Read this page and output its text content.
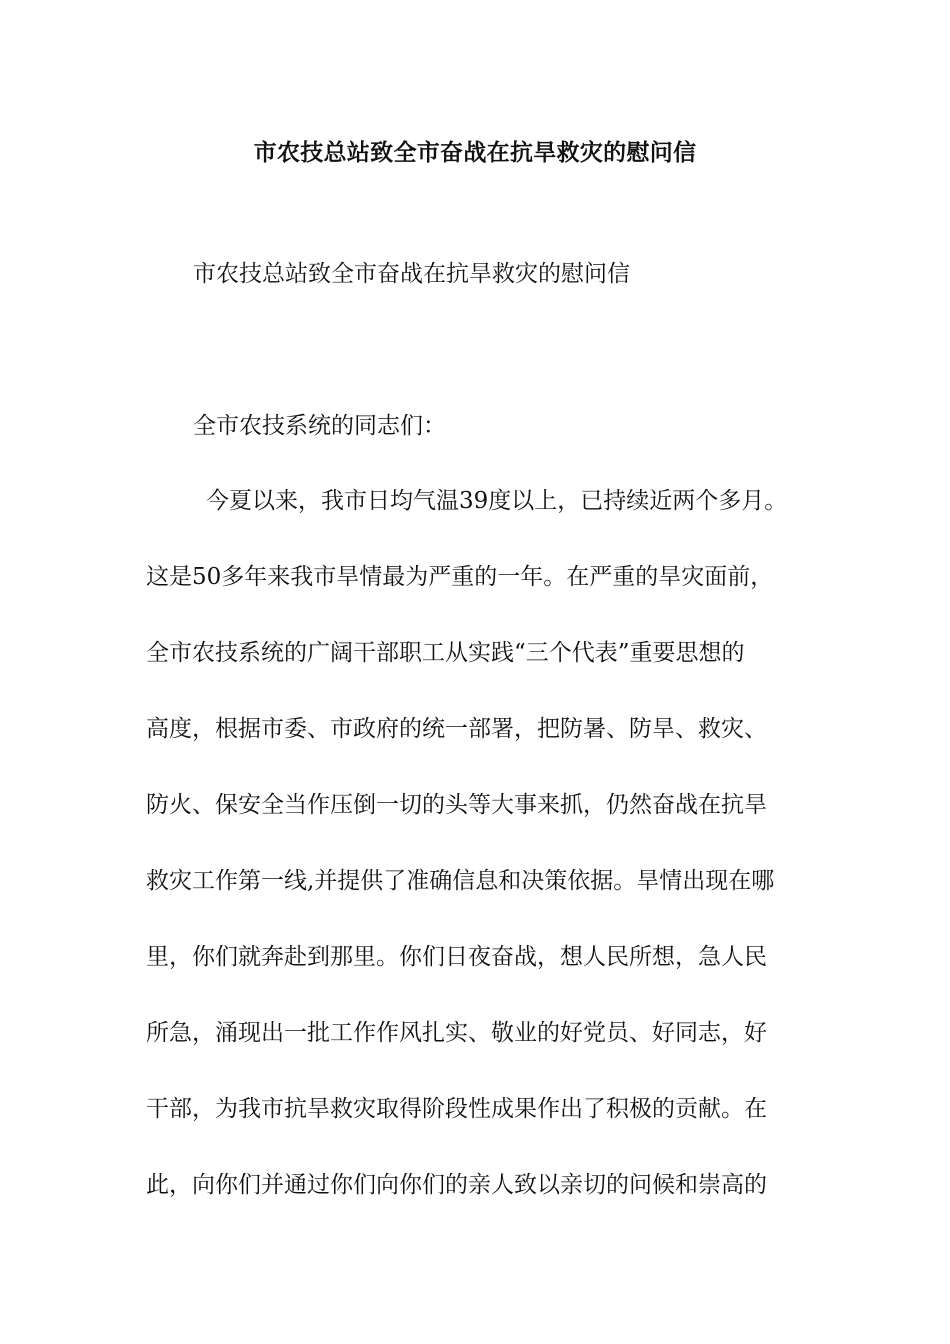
市农技总站致全市奋战在抗旱救灾的慰问信
市农技总站致全市奋战在抗旱救灾的慰问信
全市农技系统的同志们：
今夏以来，我市日均气温39度以上，已持续近两个多月。
这是50多年来我市旱情最为严重的一年。在严重的旱灾面前，
全市农技系统的广阔干部职工从实践“三个代表”重要思想的
高度，根据市委、市政府的统一部署，把防暑、防旱、救灾、
防火、保安全当作压倒一切的头等大事来抓，仍然奋战在抗旱
救灾工作第一线,并提供了准确信息和决策依据。旱情出现在哪
里，你们就奔赴到那里。你们日夜奋战，想人民所想，急人民
所急，涌现出一批工作作风扎实、敬业的好党员、好同志，好
干部，为我市抗旱救灾取得阶段性成果作出了积极的贡献。在
此，向你们并通过你们向你们的亲人致以亲切的问候和崇高的
